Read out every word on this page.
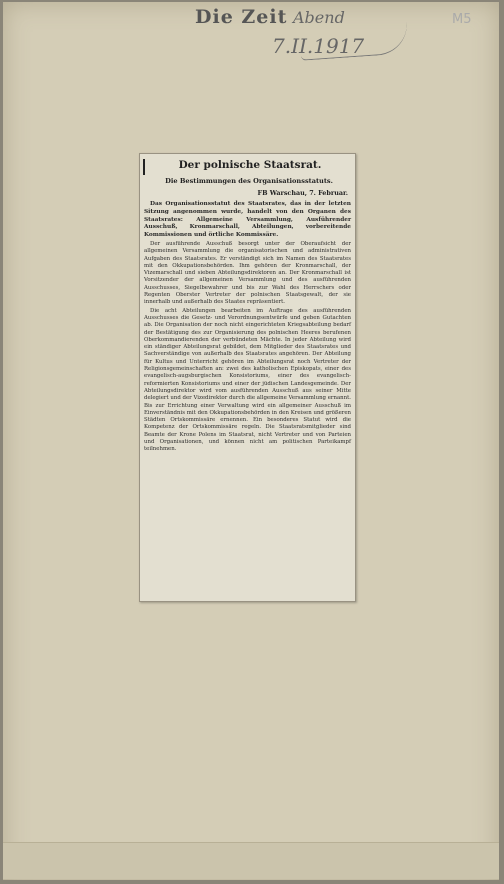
Die Zeit Abend
7.II.1917
M5
Der polnische Staatsrat.
Die Bestimmungen des Organisationsstatuts.
FB Warschau, 7. Februar.

Das Organisationsstatut des Staatsrates, das in der letzten Sitzung angenommen wurde, handelt von den Organen des Staatsrates: Allgemeine Versammlung, Ausführender Ausschuß, Kronmarschall, Abteilungen, vorbereitende Kommissionen und örtliche Kommissäre.

Der ausführende Ausschuß besorgt unter der Oberaufsicht der allgemeinen Versammlung die organisatorischen und administrativen Aufgaben des Staatsrates. Er verständigt sich im Namen des Staatsrates mit den Okkupationsbehörden. Ihm gehören der Kronmarschall, der Vizemarschall und sieben Abteilungsdirektoren an. Der Kronmarschall ist Vorsitzender der allgemeinen Versammlung und des ausführenden Ausschusses, Siegelbewahrer und bis zur Wahl des Herrschers oder Regenten Oberster Vertreter der polnischen Staatsgewalt, der sie innerhalb und außerhalb des Staates repräsentiert.

Die acht Abteilungen bearbeiten im Auftrage des ausführenden Ausschusses die Gesetz- und Verordnungsentwürfe und geben Gutachten ab. Die Organisation der noch nicht eingerichteten Kriegsabteilung bedarf der Bestätigung des zur Organisierung des polnischen Heeres berufenen Oberkommandierenden der verbündeten Mächte. In jeder Abteilung wird ein ständiger Abteilungsrat gebildet, dem Mitglieder des Staatsrates und Sachverständige von außerhalb des Staatsrates angehören. Der Abteilung für Kultus und Unterricht gehören im Abteilungsrat noch Vertreter der Religionsgemeinschaften an: zwei des katholischen Episkopats, einer des evangelisch-augsburgischen Konsistoriums, einer des evangelisch-reformierten Konsistoriums und einer der jüdischen Landesgemeinde. Der Abteilungsdirektor wird vom ausführenden Ausschuß aus seiner Mitte delegiert und der Vizedirektor durch die allgemeine Versammlung ernannt. Bis zur Errichtung einer Verwaltung wird ein allgemeiner Ausschuß im Einverständnis mit den Okkupationsbehörden in den Kreisen und größeren Städten Ortskommissäre ernennen. Ein besonderes Statut wird die Kompetenz der Ortskommissäre regeln. Die Staatsratsmitglieder sind Beamte der Krone Polens im Staatsrat, nicht Vertreter und von Parteien und Organisationen, und können nicht am politischen Parteikampf teilnehmen.
